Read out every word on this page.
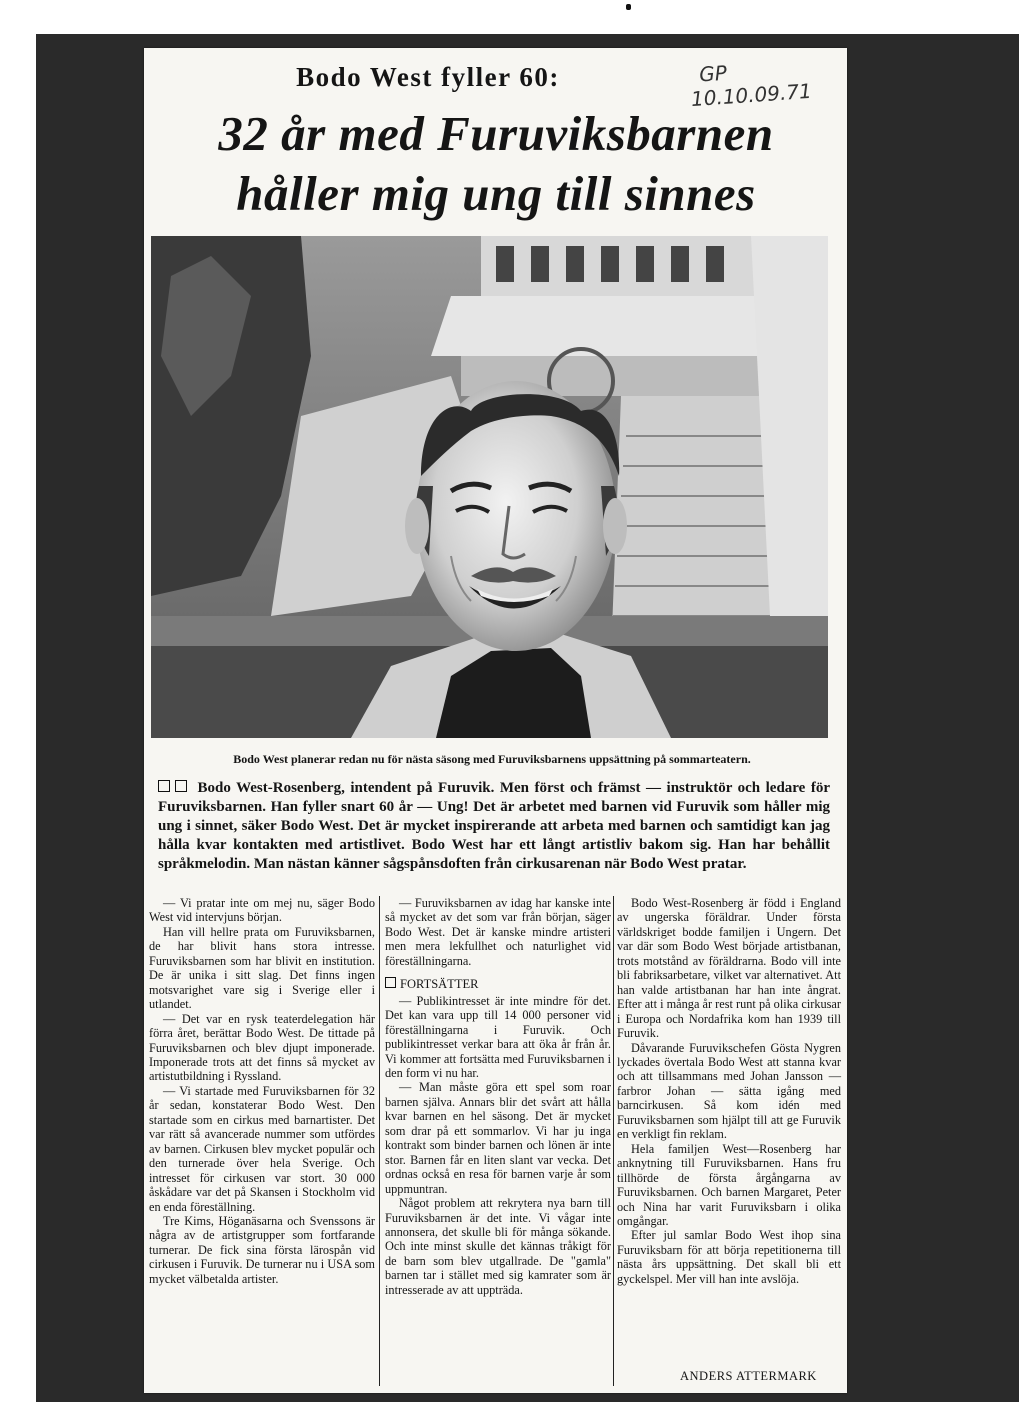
Bodo West fyller 60:	GP
10.10.09.71
32 år med Furuviksbarnen
håller mig ung till sinnes
Bodo West planerar redan nu för nästa säsong med Furuviksbarnens uppsättning på sommarteatern.
Bodo West-Rosenberg, intendent på Furuvik. Men först och främst — instruktör och ledare för Furuviksbarnen. Han fyller snart 60 år — Ung! Det är arbetet med barnen vid Furuvik som håller mig ung i sinnet, säker Bodo West. Det är mycket inspirerande att arbeta med barnen och samtidigt kan jag hålla kvar kontakten med artistlivet. Bodo West har ett långt artistliv bakom sig. Han har behållit språkmelodin. Man nästan känner sågspånsdoften från cirkusarenan när Bodo West pratar.

— Vi pratar inte om mej nu, säger Bodo West vid intervjuns början.

Han vill hellre prata om Furuviksbarnen, de har blivit hans stora intresse. Furuviksbarnen som har blivit en institution. De är unika i sitt slag. Det finns ingen motsvarighet vare sig i Sverige eller i utlandet.

— Det var en rysk teaterdelegation här förra året, berättar Bodo West. De tittade på Furuviksbarnen och blev djupt imponerade. Imponerade trots att det finns så mycket av artistutbildning i Ryssland.

— Vi startade med Furuviksbarnen för 32 år sedan, konstaterar Bodo West. Den startade som en cirkus med barnartister. Det var rätt så avancerade nummer som utfördes av barnen. Cirkusen blev mycket populär och den turnerade över hela Sverige. Och intresset för cirkusen var stort. 30 000 åskådare var det på Skansen i Stockholm vid en enda föreställning.

Tre Kims, Höganäsarna och Svenssons är några av de artistgrupper som fortfarande turnerar. De fick sina första lärospån vid cirkusen i Furuvik. De turnerar nu i USA som mycket välbetalda artister.

— Furuviksbarnen av idag har kanske inte så mycket av det som var från början, säger Bodo West. Det är kanske mindre artisteri men mera lekfullhet och naturlighet vid föreställningarna.

FORTSÄTTER

— Publikintresset är inte mindre för det. Det kan vara upp till 14 000 personer vid föreställningarna i Furuvik. Och publikintresset verkar bara att öka år från år. Vi kommer att fortsätta med Furuviksbarnen i den form vi nu har.

— Man måste göra ett spel som roar barnen själva. Annars blir det svårt att hålla kvar barnen en hel säsong. Det är mycket som drar på ett sommarlov. Vi har ju inga kontrakt som binder barnen och lönen är inte stor. Barnen får en liten slant var vecka. Det ordnas också en resa för barnen varje år som uppmuntran.

Något problem att rekrytera nya barn till Furuviksbarnen är det inte. Vi vågar inte annonsera, det skulle bli för många sökande. Och inte minst skulle det kännas tråkigt för de barn som blev utgallrade. De "gamla" barnen tar i stället med sig kamrater som är intresserade av att uppträda.

Bodo West-Rosenberg är född i England av ungerska föräldrar. Under första världskriget bodde familjen i Ungern. Det var där som Bodo West började artistbanan, trots motstånd av föräldrarna. Bodo vill inte bli fabriksarbetare, vilket var alternativet. Att han valde artistbanan har han inte ångrat. Efter att i många år rest runt på olika cirkusar i Europa och Nordafrika kom han 1939 till Furuvik.

Dåvarande Furuvikschefen Gösta Nygren lyckades övertala Bodo West att stanna kvar och att tillsammans med Johan Jansson — farbror Johan — sätta igång med barncirkusen. Så kom idén med Furuviksbarnen som hjälpt till att ge Furuvik en verkligt fin reklam.

Hela familjen West—Rosenberg har anknytning till Furuviksbarnen. Hans fru tillhörde de första årgångarna av Furuviksbarnen. Och barnen Margaret, Peter och Nina har varit Furuviksbarn i olika omgångar.

Efter jul samlar Bodo West ihop sina Furuviksbarn för att börja repetitionerna till nästa års uppsättning. Det skall bli ett gyckelspel. Mer vill han inte avslöja.

ANDERS ATTERMARK
